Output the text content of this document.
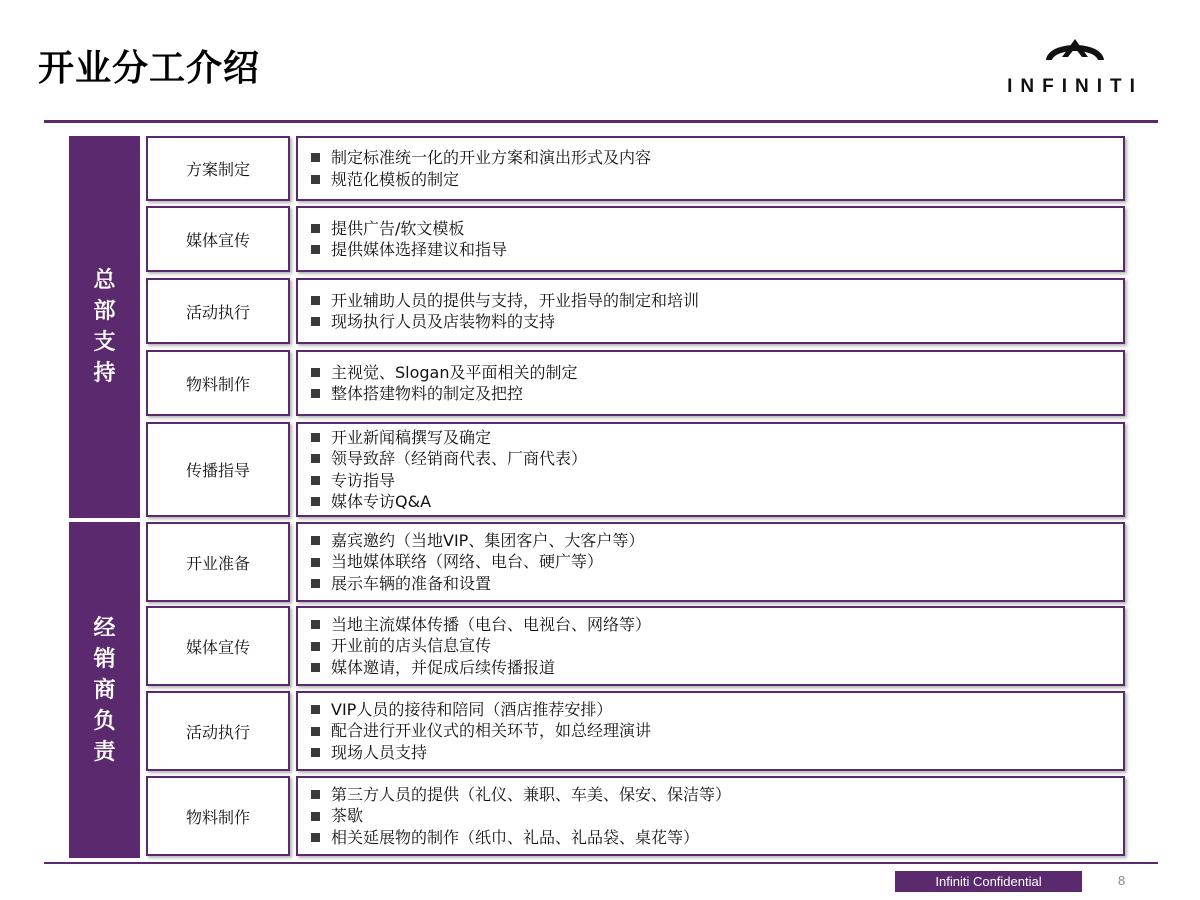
开业分工介绍	INFINITI
总部支持
经销商负责
方案制定
制定标准统一化的开业方案和演出形式及内容
规范化模板的制定
媒体宣传
提供广告/软文模板
提供媒体选择建议和指导
活动执行
开业辅助人员的提供与支持，开业指导的制定和培训
现场执行人员及店装物料的支持
物料制作
主视觉、Slogan及平面相关的制定
整体搭建物料的制定及把控
传播指导
开业新闻稿撰写及确定
领导致辞（经销商代表、厂商代表）
专访指导
媒体专访Q&A
开业准备
嘉宾邀约（当地VIP、集团客户、大客户等）
当地媒体联络（网络、电台、硬广等）
展示车辆的准备和设置
媒体宣传
当地主流媒体传播（电台、电视台、网络等）
开业前的店头信息宣传
媒体邀请，并促成后续传播报道
活动执行
VIP人员的接待和陪同（酒店推荐安排）
配合进行开业仪式的相关环节，如总经理演讲
现场人员支持
物料制作
第三方人员的提供（礼仪、兼职、车美、保安、保洁等）
茶歇
相关延展物的制作（纸巾、礼品、礼品袋、桌花等）
Infiniti Confidential	8
